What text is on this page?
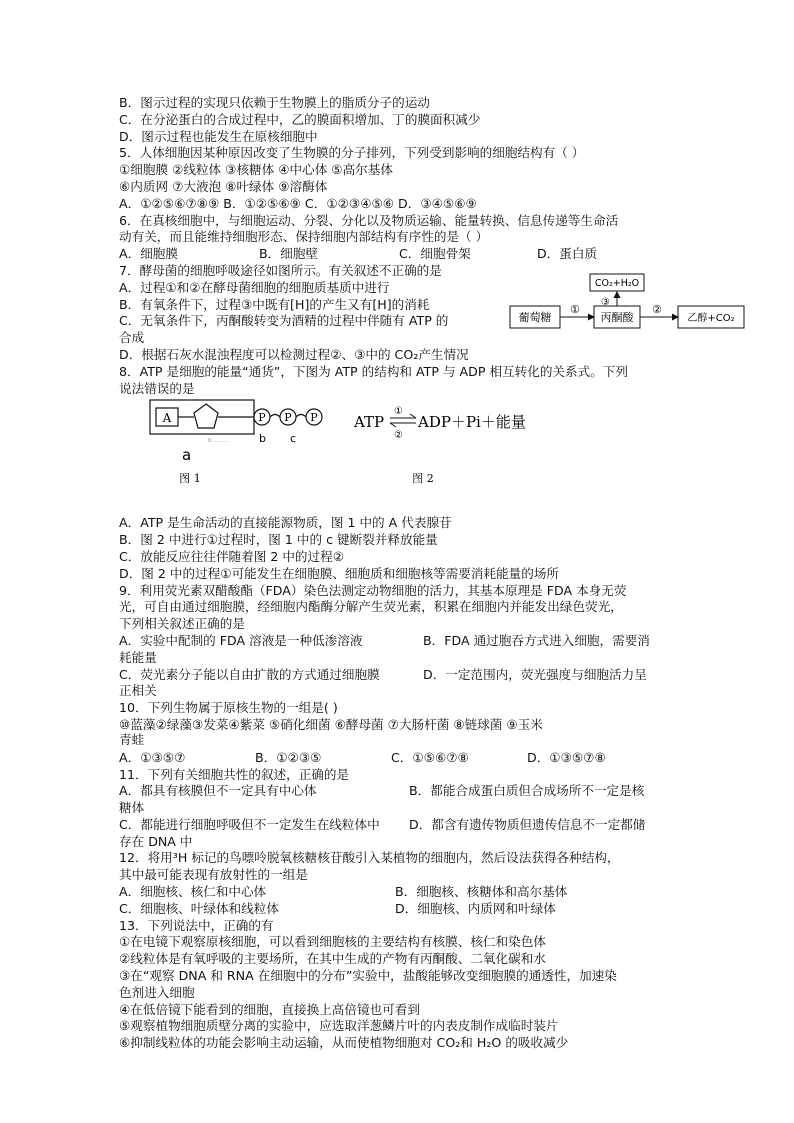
B．图示过程的实现只依赖于生物膜上的脂质分子的运动
C．在分泌蛋白的合成过程中，乙的膜面积增加、丁的膜面积减少
D．图示过程也能发生在原核细胞中
5．人体细胞因某种原因改变了生物膜的分子排列，下列受到影响的细胞结构有（ ）
①细胞膜 ②线粒体 ③核糖体 ④中心体 ⑤高尔基体
⑥内质网 ⑦大液泡 ⑧叶绿体 ⑨溶酶体
A．①②⑤⑥⑦⑧⑨ B．①②⑤⑥⑨ C．①②③④⑤⑥ D．③④⑤⑥⑨
6．在真核细胞中，与细胞运动、分裂、分化以及物质运输、能量转换、信息传递等生命活
动有关，而且能维持细胞形态、保持细胞内部结构有序性的是（ ）
A．细胞膜	B．细胞壁	C．细胞骨架	D．蛋白质
7．酵母菌的细胞呼吸途径如图所示。有关叙述不正确的是
A．过程①和②在酵母菌细胞的细胞质基质中进行
B．有氧条件下，过程③中既有[H]的产生又有[H]的消耗
C．无氧条件下，丙酮酸转变为酒精的过程中伴随有 ATP 的
合成
D．根据石灰水混浊程度可以检测过程②、③中的 CO₂产生情况
8．ATP 是细胞的能量“通货”，下图为 ATP 的结构和 ATP 与 ADP 相互转化的关系式。下列
说法错误的是
A．ATP 是生命活动的直接能源物质，图 1 中的 A 代表腺苷
B．图 2 中进行①过程时，图 1 中的 c 键断裂并释放能量
C．放能反应往往伴随着图 2 中的过程②
D．图 2 中的过程①可能发生在细胞膜、细胞质和细胞核等需要消耗能量的场所
9．利用荧光素双醋酸酯（FDA）染色法测定动物细胞的活力，其基本原理是 FDA 本身无荧
光，可自由通过细胞膜，经细胞内酯酶分解产生荧光素，积累在细胞内并能发出绿色荧光，
下列相关叙述正确的是
A．实验中配制的 FDA 溶液是一种低渗溶液	B．FDA 通过胞吞方式进入细胞，需要消
耗能量
C．荧光素分子能以自由扩散的方式通过细胞膜	D．一定范围内，荧光强度与细胞活力呈
正相关
10．下列生物属于原核生物的一组是( )
⑩蓝藻②绿藻③发菜④紫菜 ⑤硝化细菌 ⑥酵母菌 ⑦大肠杆菌 ⑧链球菌 ⑨玉米
青蛙
A．①③⑤⑦	B．①②③⑤	C．①⑤⑥⑦⑧	D．①③⑤⑦⑧
11．下列有关细胞共性的叙述，正确的是
A．都具有核膜但不一定具有中心体	B．都能合成蛋白质但合成场所不一定是核
糖体
C．都能进行细胞呼吸但不一定发生在线粒体中	D．都含有遗传物质但遗传信息不一定都储
存在 DNA 中
12．将用³H 标记的鸟嘌呤脱氧核糖核苷酸引入某植物的细胞内，然后设法获得各种结构，
其中最可能表现有放射性的一组是
A．细胞核、核仁和中心体	B．细胞核、核糖体和高尔基体
C．细胞核、叶绿体和线粒体	D．细胞核、内质网和叶绿体
13．下列说法中，正确的有
①在电镜下观察原核细胞，可以看到细胞核的主要结构有核膜、核仁和染色体
②线粒体是有氧呼吸的主要场所，在其中生成的产物有丙酮酸、二氧化碳和水
③在“观察 DNA 和 RNA 在细胞中的分布”实验中，盐酸能够改变细胞膜的通透性，加速染
色剂进入细胞
④在低倍镜下能看到的细胞，直接换上高倍镜也可看到
⑤观察植物细胞质壁分离的实验中，应选取洋葱鳞片叶的内表皮制作成临时装片
⑥抑制线粒体的功能会影响主动运输，从而使植物细胞对 CO₂和 H₂O 的吸收减少
葡萄糖
①
丙酮酸
③
CO₂+H₂O
②
乙醇+CO₂
A
0. ........
P P P
b c
a
图 1
ATP
①
②
ADP＋Pi＋能量
图 2
